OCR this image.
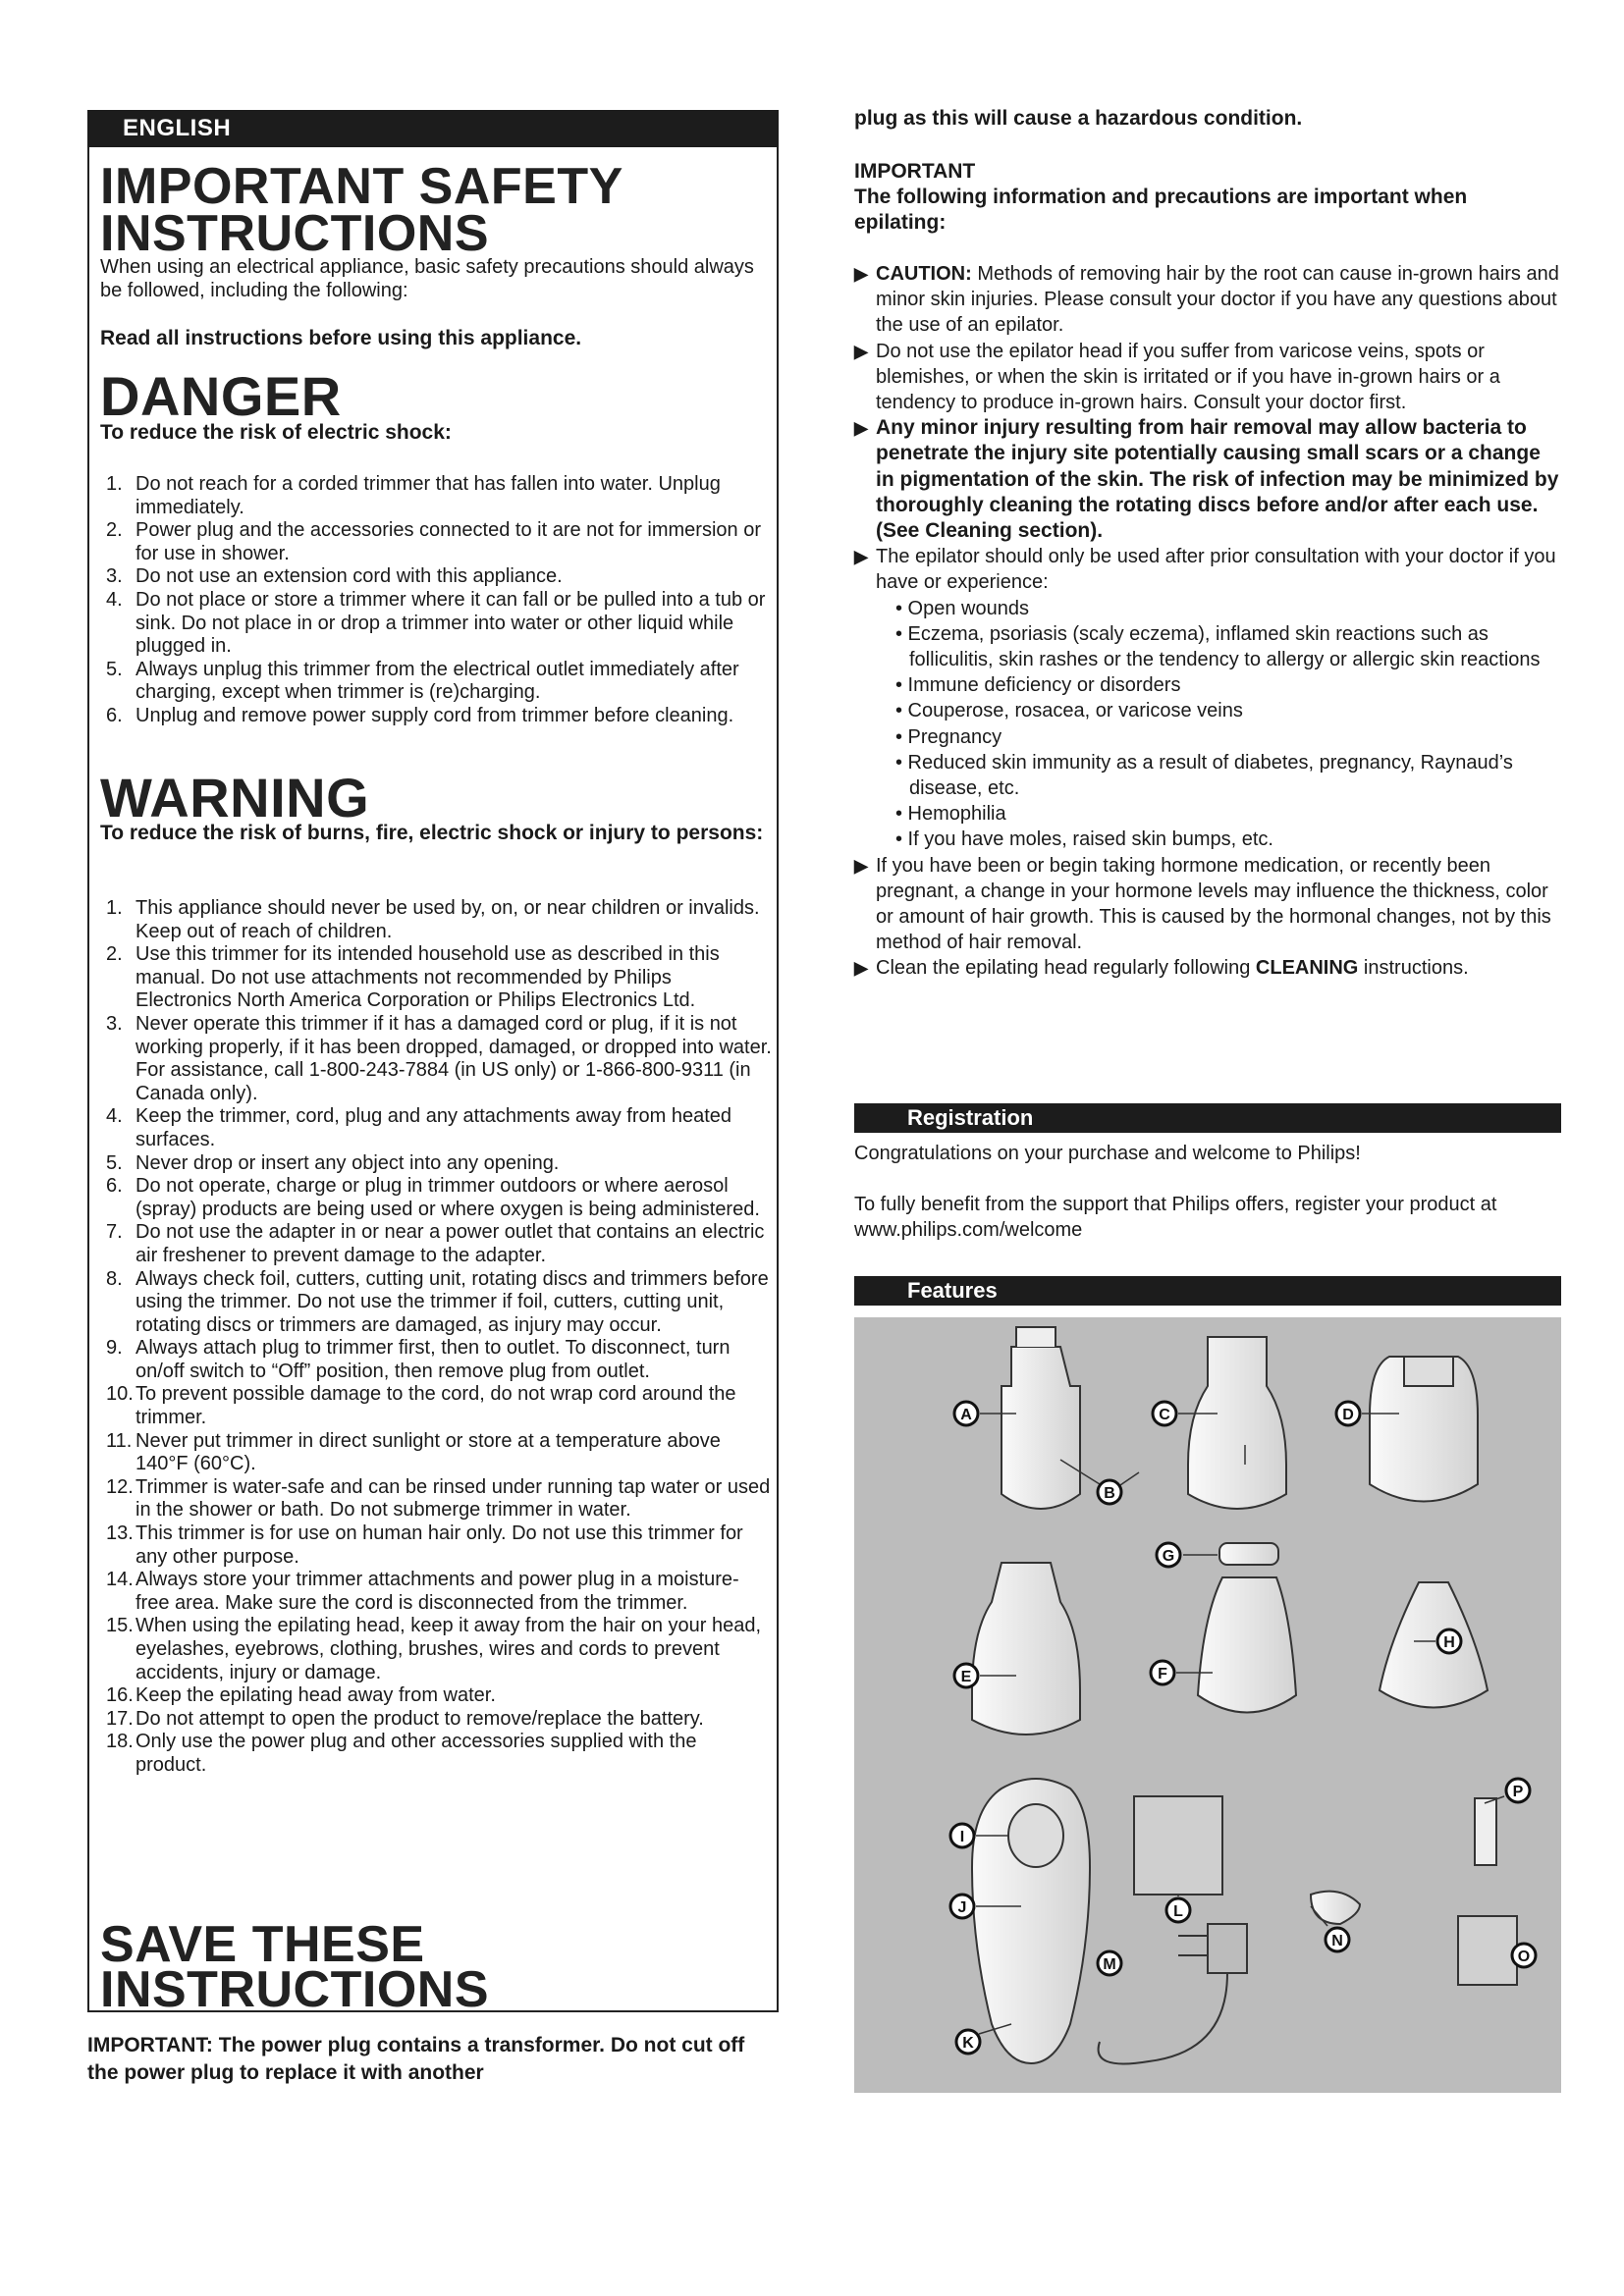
ENGLISH
IMPORTANT SAFETY
INSTRUCTIONS
When using an electrical appliance, basic safety precautions should always be followed, including the following:
Read all instructions before using this appliance.
DANGER
To reduce the risk of electric shock:
1. Do not reach for a corded trimmer that has fallen into water. Unplug immediately.
2. Power plug and the accessories connected to it are not for immersion or for use in shower.
3. Do not use an extension cord with this appliance.
4. Do not place or store a trimmer where it can fall or be pulled into a tub or sink. Do not place in or drop a trimmer into water or other liquid while plugged in.
5. Always unplug this trimmer from the electrical outlet immediately after charging, except when trimmer is (re)charging.
6. Unplug and remove power supply cord from trimmer before cleaning.
WARNING
To reduce the risk of burns, fire, electric shock or injury to persons:
1. This appliance should never be used by, on, or near children or invalids. Keep out of reach of children.
2. Use this trimmer for its intended household use as described in this manual. Do not use attachments not recommended by Philips Electronics North America Corporation or Philips Electronics Ltd.
3. Never operate this trimmer if it has a damaged cord or plug, if it is not working properly, if it has been dropped, damaged, or dropped into water. For assistance, call 1-800-243-7884 (in US only) or 1-866-800-9311 (in Canada only).
4. Keep the trimmer, cord, plug and any attachments away from heated surfaces.
5. Never drop or insert any object into any opening.
6. Do not operate, charge or plug in trimmer outdoors or where aerosol (spray) products are being used or where oxygen is being administered.
7. Do not use the adapter in or near a power outlet that contains an electric air freshener to prevent damage to the adapter.
8. Always check foil, cutters, cutting unit, rotating discs and trimmers before using the trimmer. Do not use the trimmer if foil, cutters, cutting unit, rotating discs or trimmers are damaged, as injury may occur.
9. Always attach plug to trimmer first, then to outlet. To disconnect, turn on/off switch to “Off” position, then remove plug from outlet.
10. To prevent possible damage to the cord, do not wrap cord around the trimmer.
11. Never put trimmer in direct sunlight or store at a temperature above 140°F (60°C).
12. Trimmer is water-safe and can be rinsed under running tap water or used in the shower or bath. Do not submerge trimmer in water.
13. This trimmer is for use on human hair only. Do not use this trimmer for any other purpose.
14. Always store your trimmer attachments and power plug in a moisture-free area. Make sure the cord is disconnected from the trimmer.
15. When using the epilating head, keep it away from the hair on your head, eyelashes, eyebrows, clothing, brushes, wires and cords to prevent accidents, injury or damage.
16. Keep the epilating head away from water.
17. Do not attempt to open the product to remove/replace the battery.
18. Only use the power plug and other accessories supplied with the product.
SAVE THESE
INSTRUCTIONS
IMPORTANT: The power plug contains a transformer. Do not cut off the power plug to replace it with another
plug as this will cause a hazardous condition.
IMPORTANT
The following information and precautions are important when epilating:
▶ CAUTION: Methods of removing hair by the root can cause in-grown hairs and minor skin injuries. Please consult your doctor if you have any questions about the use of an epilator.
▶ Do not use the epilator head if you suffer from varicose veins, spots or blemishes, or when the skin is irritated or if you have in-grown hairs or a tendency to produce in-grown hairs. Consult your doctor first.
▶ Any minor injury resulting from hair removal may allow bacteria to penetrate the injury site potentially causing small scars or a change in pigmentation of the skin. The risk of infection may be minimized by thoroughly cleaning the rotating discs before and/or after each use. (See Cleaning section).
▶ The epilator should only be used after prior consultation with your doctor if you have or experience:
• Open wounds
• Eczema, psoriasis (scaly eczema), inflamed skin reactions such as folliculitis, skin rashes or the tendency to allergy or allergic skin reactions
• Immune deficiency or disorders
• Couperose, rosacea, or varicose veins
• Pregnancy
• Reduced skin immunity as a result of diabetes, pregnancy, Raynaud’s disease, etc.
• Hemophilia
• If you have moles, raised skin bumps, etc.
▶ If you have been or begin taking hormone medication, or recently been pregnant, a change in your hormone levels may influence the thickness, color or amount of hair growth. This is caused by the hormonal changes, not by this method of hair removal.
▶ Clean the epilating head regularly following CLEANING instructions.
Registration
Congratulations on your purchase and welcome to Philips!
To fully benefit from the support that Philips offers, register your product at www.philips.com/welcome
Features
A
B
C	D
E	F
G
H
I
J
K
L
M
N
O
P
